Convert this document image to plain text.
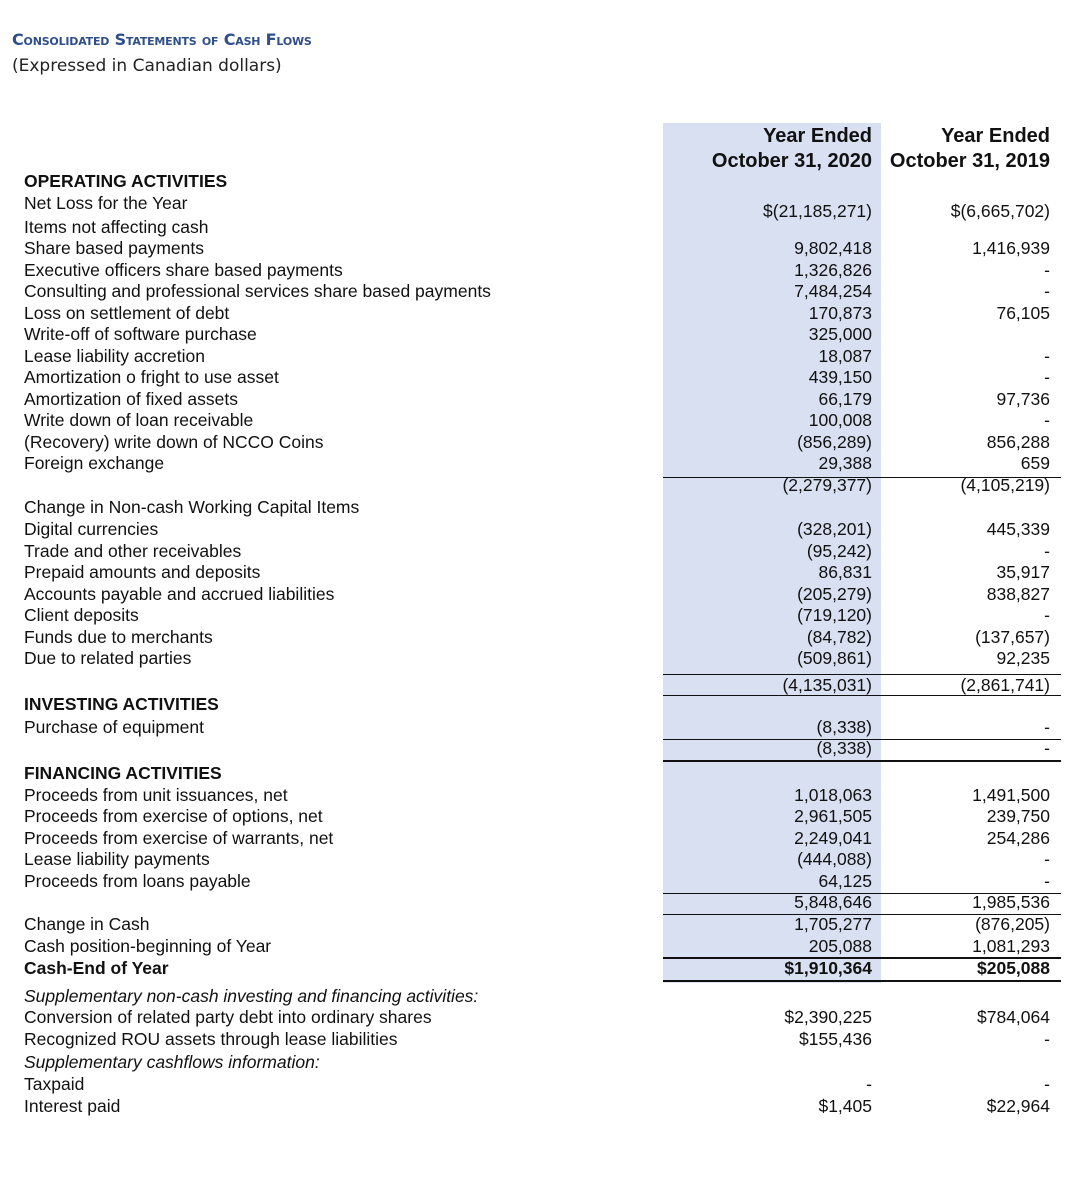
Consolidated Statements of Cash Flows
(Expressed in Canadian dollars)
Year Ended
October 31, 2020
Year Ended
October 31, 2019
OPERATING ACTIVITIES
Net Loss for the Year	$(21,185,271)	$(6,665,702)
Items not affecting cash
Share based payments	9,802,418	1,416,939
Executive officers share based payments	1,326,826	-
Consulting and professional services share based payments	7,484,254	-
Loss on settlement of debt	170,873	76,105
Write-off of software purchase	325,000
Lease liability accretion	18,087	-
Amortization o fright to use asset	439,150	-
Amortization of fixed assets	66,179	97,736
Write down of loan receivable	100,008	-
(Recovery) write down of NCCO Coins	(856,289)	856,288
Foreign exchange	29,388	659
(2,279,377)	(4,105,219)
Change in Non-cash Working Capital Items
Digital currencies	(328,201)	445,339
Trade and other receivables	(95,242)	-
Prepaid amounts and deposits	86,831	35,917
Accounts payable and accrued liabilities	(205,279)	838,827
Client deposits	(719,120)	-
Funds due to merchants	(84,782)	(137,657)
Due to related parties	(509,861)	92,235
(4,135,031)	(2,861,741)
INVESTING ACTIVITIES
Purchase of equipment	(8,338)	-
(8,338)	-
FINANCING ACTIVITIES
Proceeds from unit issuances, net	1,018,063	1,491,500
Proceeds from exercise of options, net	2,961,505	239,750
Proceeds from exercise of warrants, net	2,249,041	254,286
Lease liability payments	(444,088)	-
Proceeds from loans payable	64,125	-
5,848,646	1,985,536
Change in Cash	1,705,277	(876,205)
Cash position-beginning of Year	205,088	1,081,293
Cash-End of Year	$1,910,364	$205,088
Supplementary non-cash investing and financing activities:
Conversion of related party debt into ordinary shares	$2,390,225	$784,064
Recognized ROU assets through lease liabilities	$155,436	-
Supplementary cashflows information:
Taxpaid	-	-
Interest paid	$1,405	$22,964
